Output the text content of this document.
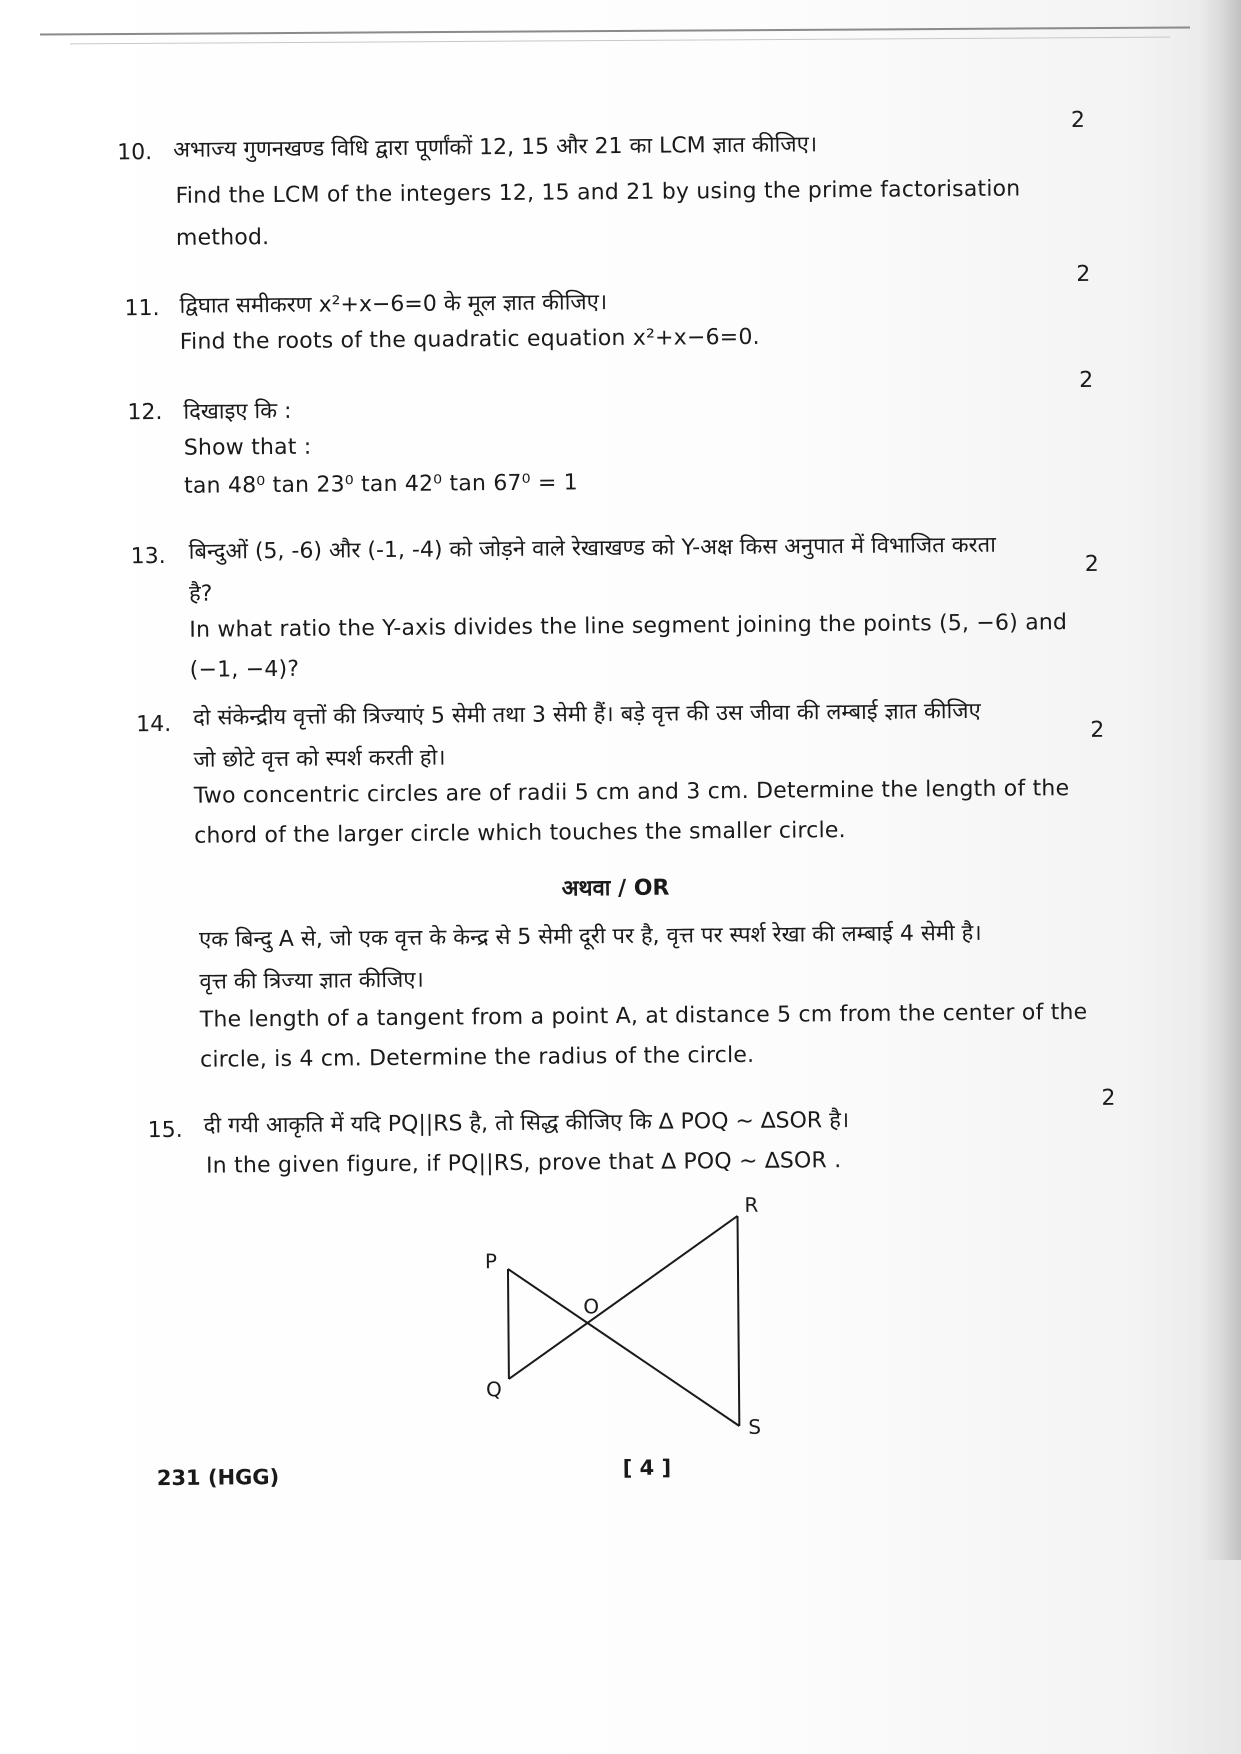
10.
2
अभाज्य गुणनखण्ड विधि द्वारा पूर्णांकों 12, 15 और 21 का LCM ज्ञात कीजिए।
Find the LCM of the integers 12, 15 and 21 by using the prime factorisation
method.
11.
2
द्विघात समीकरण x²+x−6=0 के मूल ज्ञात कीजिए।
Find the roots of the quadratic equation x²+x−6=0.
12.
2
दिखाइए कि :
Show that :
tan 48⁰ tan 23⁰ tan 42⁰ tan 67⁰ = 1
13.	2
बिन्दुओं (5, -6) और (-1, -4) को जोड़ने वाले रेखाखण्ड को Y-अक्ष किस अनुपात में विभाजित करता
है?
In what ratio the Y-axis divides the line segment joining the points (5, −6) and
(−1, −4)?
14.	2
दो संकेन्द्रीय वृत्तों की त्रिज्याएं 5 सेमी तथा 3 सेमी हैं। बड़े वृत्त की उस जीवा की लम्बाई ज्ञात कीजिए
जो छोटे वृत्त को स्पर्श करती हो।
Two concentric circles are of radii 5 cm and 3 cm. Determine the length of the
chord of the larger circle which touches the smaller circle.
अथवा / OR
एक बिन्दु A से, जो एक वृत्त के केन्द्र से 5 सेमी दूरी पर है, वृत्त पर स्पर्श रेखा की लम्बाई 4 सेमी है।
वृत्त की त्रिज्या ज्ञात कीजिए।
The length of a tangent from a point A, at distance 5 cm from the center of the
circle, is 4 cm. Determine the radius of the circle.
15.
2
दी गयी आकृति में यदि PQ||RS है, तो सिद्ध कीजिए कि ∆ POQ ~ ∆SOR है।
In the given figure, if PQ||RS, prove that ∆ POQ ~ ∆SOR .
P
Q
O
R
S
231 (HGG)	[ 4 ]
